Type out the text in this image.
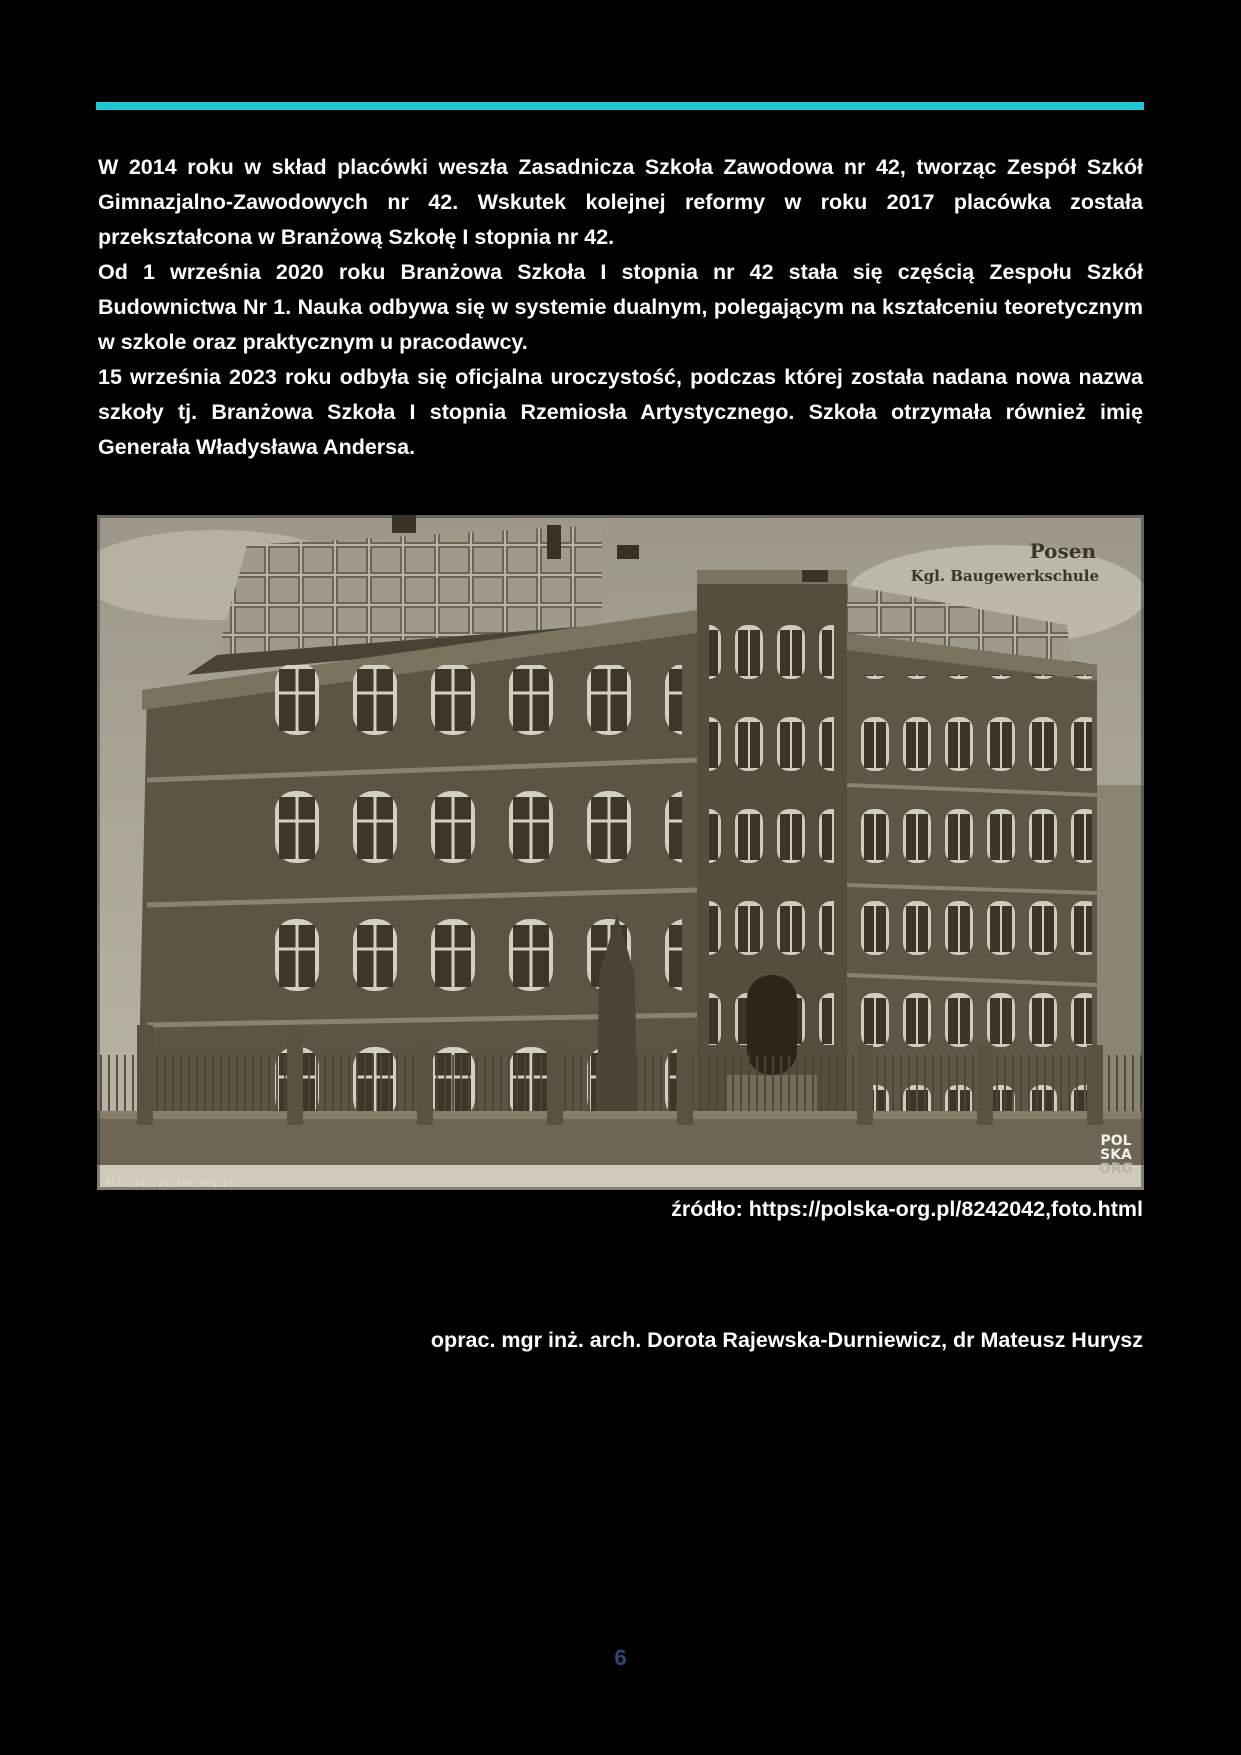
W 2014 roku w skład placówki weszła Zasadnicza Szkoła Zawodowa nr 42, tworząc Zespół Szkół Gimnazjalno-Zawodowych nr 42. Wskutek kolejnej reformy w roku 2017 placówka została przekształcona w Branżową Szkołę I stopnia nr 42.

Od 1 września 2020 roku Branżowa Szkoła I stopnia nr 42 stała się częścią Zespołu Szkół Budownictwa Nr 1. Nauka odbywa się w systemie dualnym, polegającym na kształceniu teoretycznym w szkole oraz praktycznym u pracodawcy.

15 września 2023 roku odbyła się oficjalna uroczystość, podczas której została nadana nowa nazwa szkoły tj. Branżowa Szkoła I stopnia Rzemiosła Artystycznego. Szkoła otrzymała również imię Generała Władysława Andersa.

Posen
Kgl. Baugewerkschule
Alistair polska-org.pl
POL
SKA
ORG
źródło: https://polska-org.pl/8242042,foto.html
oprac. mgr inż. arch. Dorota Rajewska-Durniewicz, dr Mateusz Hurysz
6
